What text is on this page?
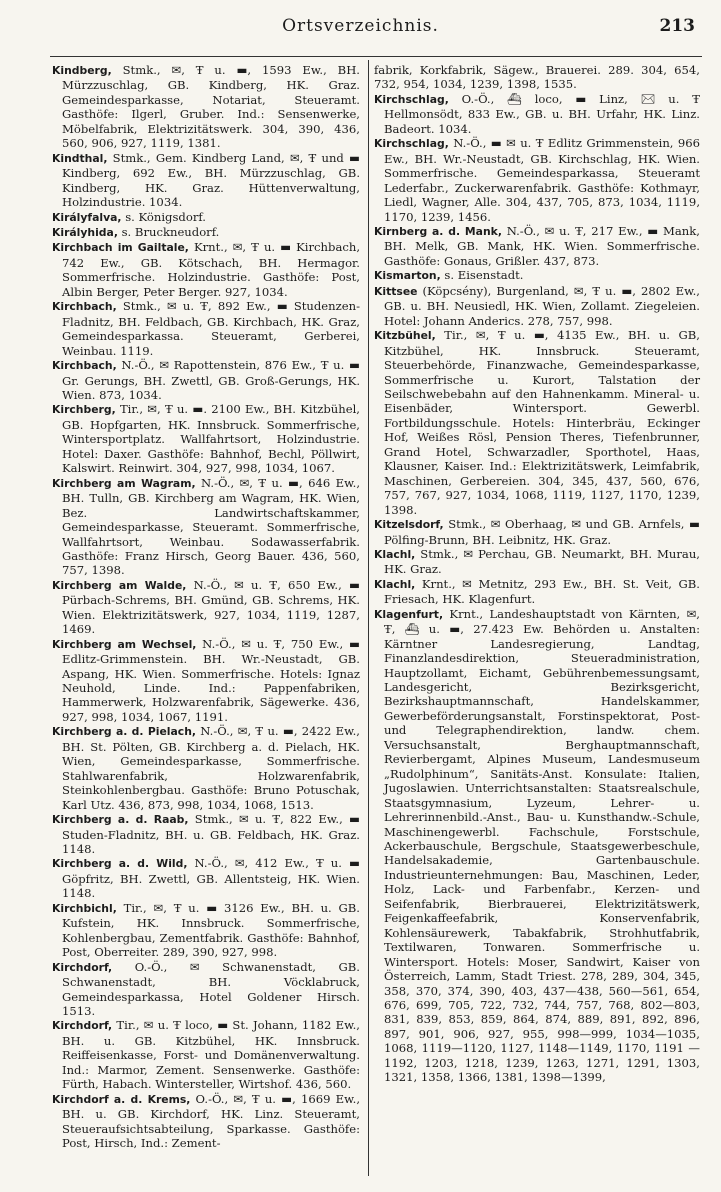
Ortsverzeichnis.	213

Kindberg, Stmk., ✉, Ŧ u. ▬, 1593 Ew., BH. Mürzzuschlag, GB. Kindberg, HK. Graz. Gemeindesparkasse, Notariat, Steueramt. Gasthöfe: Ilgerl, Gruber. Ind.: Sensenwerke, Möbelfabrik, Elektrizitätswerk. 304, 390, 436, 560, 906, 927, 1119, 1381.

Kindthal, Stmk., Gem. Kindberg Land, ✉, Ŧ und ▬ Kindberg, 692 Ew., BH. Mürzzuschlag, GB. Kindberg, HK. Graz. Hüttenverwaltung, Holzindustrie. 1034.

Királyfalva, s. Königsdorf.

Királyhida, s. Bruckneudorf.

Kirchbach im Gailtale, Krnt., ✉, Ŧ u. ▬ Kirchbach, 742 Ew., GB. Kötschach, BH. Hermagor. Sommerfrische. Holzindustrie. Gasthöfe: Post, Albin Berger, Peter Berger. 927, 1034.

Kirchbach, Stmk., ✉ u. Ŧ, 892 Ew., ▬ Studenzen-Fladnitz, BH. Feldbach, GB. Kirchbach, HK. Graz, Gemeindesparkassa. Steueramt, Gerberei, Weinbau. 1119.

Kirchbach, N.-Ö., ✉ Rapottenstein, 876 Ew., Ŧ u. ▬ Gr. Gerungs, BH. Zwettl, GB. Groß-Gerungs, HK. Wien. 873, 1034.

Kirchberg, Tir., ✉, Ŧ u. ▬. 2100 Ew., BH. Kitzbühel, GB. Hopfgarten, HK. Innsbruck. Sommerfrische, Wintersportplatz. Wallfahrtsort, Holzindustrie. Hotel: Daxer. Gasthöfe: Bahnhof, Bechl, Pöllwirt, Kalswirt. Reinwirt. 304, 927, 998, 1034, 1067.

Kirchberg am Wagram, N.-Ö., ✉, Ŧ u. ▬, 646 Ew., BH. Tulln, GB. Kirchberg am Wagram, HK. Wien, Bez. Landwirtschaftskammer, Gemeindesparkasse, Steueramt. Sommerfrische, Wallfahrtsort, Weinbau. Sodawasserfabrik. Gasthöfe: Franz Hirsch, Georg Bauer. 436, 560, 757, 1398.

Kirchberg am Walde, N.-Ö., ✉ u. Ŧ, 650 Ew., ▬ Pürbach-Schrems, BH. Gmünd, GB. Schrems, HK. Wien. Elektrizitätswerk, 927, 1034, 1119, 1287, 1469.

Kirchberg am Wechsel, N.-Ö., ✉ u. Ŧ, 750 Ew., ▬ Edlitz-Grimmenstein. BH. Wr.-Neustadt, GB. Aspang, HK. Wien. Sommerfrische. Hotels: Ignaz Neuhold, Linde. Ind.: Pappenfabriken, Hammerwerk, Holzwarenfabrik, Sägewerke. 436, 927, 998, 1034, 1067, 1191.

Kirchberg a. d. Pielach, N.-Ö., ✉, Ŧ u. ▬, 2422 Ew., BH. St. Pölten, GB. Kirchberg a. d. Pielach, HK. Wien, Gemeindesparkasse, Sommerfrische. Stahlwarenfabrik, Holzwarenfabrik, Steinkohlenbergbau. Gasthöfe: Bruno Potuschak, Karl Utz. 436, 873, 998, 1034, 1068, 1513.

Kirchberg a. d. Raab, Stmk., ✉ u. Ŧ, 822 Ew., ▬ Studen-Fladnitz, BH. u. GB. Feldbach, HK. Graz. 1148.

Kirchberg a. d. Wild, N.-Ö., ✉, 412 Ew., Ŧ u. ▬ Göpfritz, BH. Zwettl, GB. Allentsteig, HK. Wien. 1148.

Kirchbichl, Tir., ✉, Ŧ u. ▬ 3126 Ew., BH. u. GB. Kufstein, HK. Innsbruck. Sommerfrische, Kohlenbergbau, Zementfabrik. Gasthöfe: Bahnhof, Post, Oberreiter. 289, 390, 927, 998.

Kirchdorf, O.-Ö., ✉ Schwanenstadt, GB. Schwanenstadt, BH. Vöcklabruck, Gemeindesparkassa, Hotel Goldener Hirsch. 1513.

Kirchdorf, Tir., ✉ u. Ŧ loco, ▬ St. Johann, 1182 Ew., BH. u. GB. Kitzbühel, HK. Innsbruck. Reiffeisenkasse, Forst- und Domänenverwaltung. Ind.: Marmor, Zement. Sensenwerke. Gasthöfe: Fürth, Habach. Wintersteller, Wirtshof. 436, 560.

Kirchdorf a. d. Krems, O.-Ö., ✉, Ŧ u. ▬, 1669 Ew., BH. u. GB. Kirchdorf, HK. Linz. Steueramt, Steueraufsichtsabteilung, Sparkasse. Gasthöfe: Post, Hirsch, Ind.: Zement-

fabrik, Korkfabrik, Sägew., Brauerei. 289. 304, 654, 732, 954, 1034, 1239, 1398, 1535.

Kirchschlag, O.-Ö., ⛴ loco, ▬ Linz, ✉ u. Ŧ Hellmonsödt, 833 Ew., GB. u. BH. Urfahr, HK. Linz. Badeort. 1034.

Kirchschlag, N.-Ö., ▬ ✉ u. Ŧ Edlitz Grimmenstein, 966 Ew., BH. Wr.-Neustadt, GB. Kirchschlag, HK. Wien. Sommerfrische. Gemeindesparkassa, Steueramt Lederfabr., Zuckerwarenfabrik. Gasthöfe: Kothmayr, Liedl, Wagner, Alle. 304, 437, 705, 873, 1034, 1119, 1170, 1239, 1456.

Kirnberg a. d. Mank, N.-Ö., ✉ u. Ŧ, 217 Ew., ▬ Mank, BH. Melk, GB. Mank, HK. Wien. Sommerfrische. Gasthöfe: Gonaus, Grißler. 437, 873.

Kismarton, s. Eisenstadt.

Kittsee (Köpcsény), Burgenland, ✉, Ŧ u. ▬, 2802 Ew., GB. u. BH. Neusiedl, HK. Wien, Zollamt. Ziegeleien. Hotel: Johann Anderics. 278, 757, 998.

Kitzbühel, Tir., ✉, Ŧ u. ▬, 4135 Ew., BH. u. GB, Kitzbühel, HK. Innsbruck. Steueramt, Steuerbehörde, Finanzwache, Gemeindesparkasse, Sommerfrische u. Kurort, Talstation der Seilschwebebahn auf den Hahnenkamm. Mineral- u. Eisenbäder, Wintersport. Gewerbl. Fortbildungsschule. Hotels: Hinterbräu, Eckinger Hof, Weißes Rösl, Pension Theres, Tiefenbrunner, Grand Hotel, Schwarzadler, Sporthotel, Haas, Klausner, Kaiser. Ind.: Elektrizitätswerk, Leimfabrik, Maschinen, Gerbereien. 304, 345, 437, 560, 676, 757, 767, 927, 1034, 1068, 1119, 1127, 1170, 1239, 1398.

Kitzelsdorf, Stmk., ✉ Oberhaag, ✉ und GB. Arnfels, ▬ Pölfing-Brunn, BH. Leibnitz, HK. Graz.

Klachl, Stmk., ✉ Perchau, GB. Neumarkt, BH. Murau, HK. Graz.

Klachl, Krnt., ✉ Metnitz, 293 Ew., BH. St. Veit, GB. Friesach, HK. Klagenfurt.

Klagenfurt, Krnt., Landeshauptstadt von Kärnten, ✉, Ŧ, ⛴ u. ▬, 27.423 Ew. Behörden u. Anstalten: Kärntner Landesregierung, Landtag, Finanzlandesdirektion, Steueradministration, Hauptzollamt, Eichamt, Gebührenbemessungsamt, Landesgericht, Bezirksgericht, Bezirkshauptmannschaft, Handelskammer, Gewerbeförderungsanstalt, Forstinspektorat, Post- und Telegraphendirektion, landw. chem. Versuchsanstalt, Berghauptmannschaft, Revierbergamt, Alpines Museum, Landesmuseum „Rudolphinum“, Sanitäts-Anst. Konsulate: Italien, Jugoslawien. Unterrichtsanstalten: Staatsrealschule, Staatsgymnasium, Lyzeum, Lehrer- u. Lehrerinnenbild.-Anst., Bau- u. Kunsthandw.-Schule, Maschinengewerbl. Fachschule, Forstschule, Ackerbauschule, Bergschule, Staatsgewerbeschule, Handelsakademie, Gartenbauschule. Industrieunternehmungen: Bau, Maschinen, Leder, Holz, Lack- und Farbenfabr., Kerzen- und Seifenfabrik, Bierbrauerei, Elektrizitätswerk, Feigenkaffeefabrik, Konservenfabrik, Kohlensäurewerk, Tabakfabrik, Strohhutfabrik, Textilwaren, Tonwaren. Sommerfrische u. Wintersport. Hotels: Moser, Sandwirt, Kaiser von Österreich, Lamm, Stadt Triest. 278, 289, 304, 345, 358, 370, 374, 390, 403, 437—438, 560—561, 654, 676, 699, 705, 722, 732, 744, 757, 768, 802—803, 831, 839, 853, 859, 864, 874, 889, 891, 892, 896, 897, 901, 906, 927, 955, 998—999, 1034—1035, 1068, 1119—1120, 1127, 1148—1149, 1170, 1191 —1192, 1203, 1218, 1239, 1263, 1271, 1291, 1303, 1321, 1358, 1366, 1381, 1398—1399,
